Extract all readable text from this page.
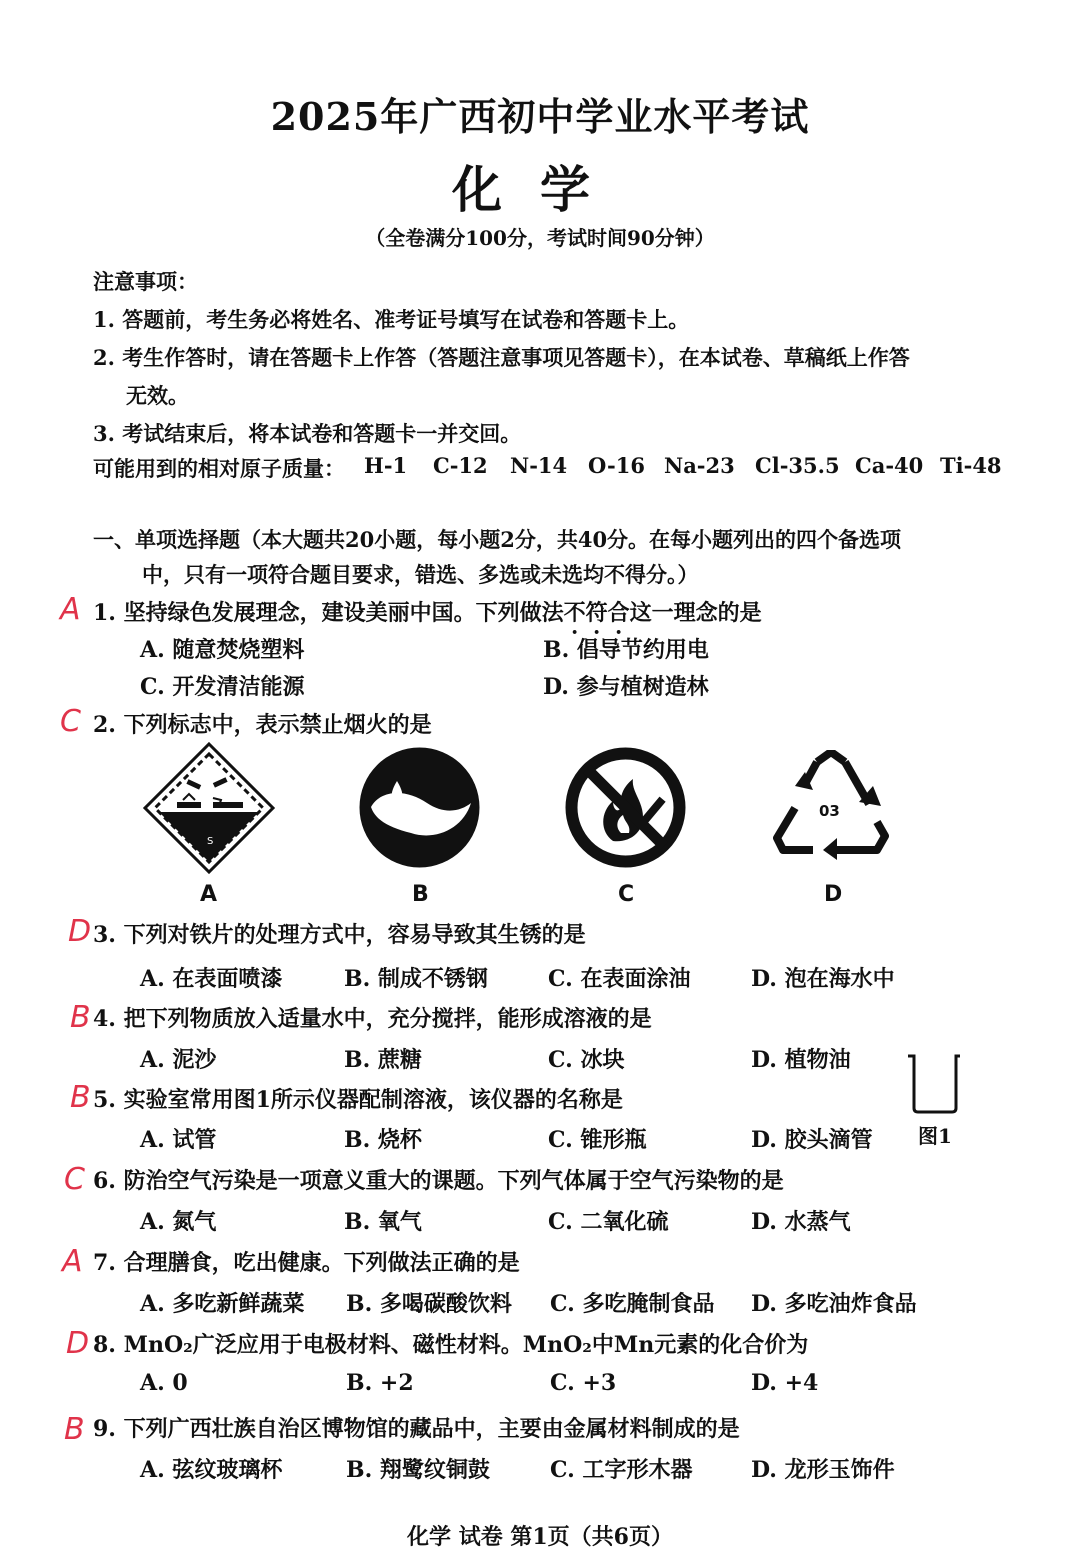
2025年广西初中学业水平考试
化学
（全卷满分100分，考试时间90分钟）
注意事项：
1. 答题前，考生务必将姓名、准考证号填写在试卷和答题卡上。
2. 考生作答时，请在答题卡上作答（答题注意事项见答题卡），在本试卷、草稿纸上作答
无效。
3. 考试结束后，将本试卷和答题卡一并交回。
可能用到的相对原子质量： H-1 C-12 N-14 O-16 Na-23 Cl-35.5 Ca-40 Ti-48
一、单项选择题（本大题共20小题，每小题2分，共40分。在每小题列出的四个备选项
中，只有一项符合题目要求，错选、多选或未选均不得分。）
A 1. 坚持绿色发展理念，建设美丽中国。下列做法不符合这一理念的是
A. 随意焚烧塑料	B. 倡导节约用电
C. 开发清洁能源	D. 参与植树造林
C 2. 下列标志中，表示禁止烟火的是
S
03
A	B	C	D
D 3. 下列对铁片的处理方式中，容易导致其生锈的是
A. 在表面喷漆	B. 制成不锈钢	C. 在表面涂油	D. 泡在海水中
B 4. 把下列物质放入适量水中，充分搅拌，能形成溶液的是
A. 泥沙	B. 蔗糖	C. 冰块	D. 植物油
B 5. 实验室常用图1所示仪器配制溶液，该仪器的名称是
A. 试管	B. 烧杯	C. 锥形瓶	D. 胶头滴管 图1
C 6. 防治空气污染是一项意义重大的课题。下列气体属于空气污染物的是
A. 氮气	B. 氧气	C. 二氧化硫	D. 水蒸气
A 7. 合理膳食，吃出健康。下列做法正确的是
A. 多吃新鲜蔬菜 B. 多喝碳酸饮料 C. 多吃腌制食品 D. 多吃油炸食品
D 8. MnO₂广泛应用于电极材料、磁性材料。MnO₂中Mn元素的化合价为
A. 0	B. +2	C. +3	D. +4
B 9. 下列广西壮族自治区博物馆的藏品中，主要由金属材料制成的是
A. 弦纹玻璃杯	B. 翔鹭纹铜鼓	C. 工字形木器	D. 龙形玉饰件
化学 试卷 第1页（共6页）
